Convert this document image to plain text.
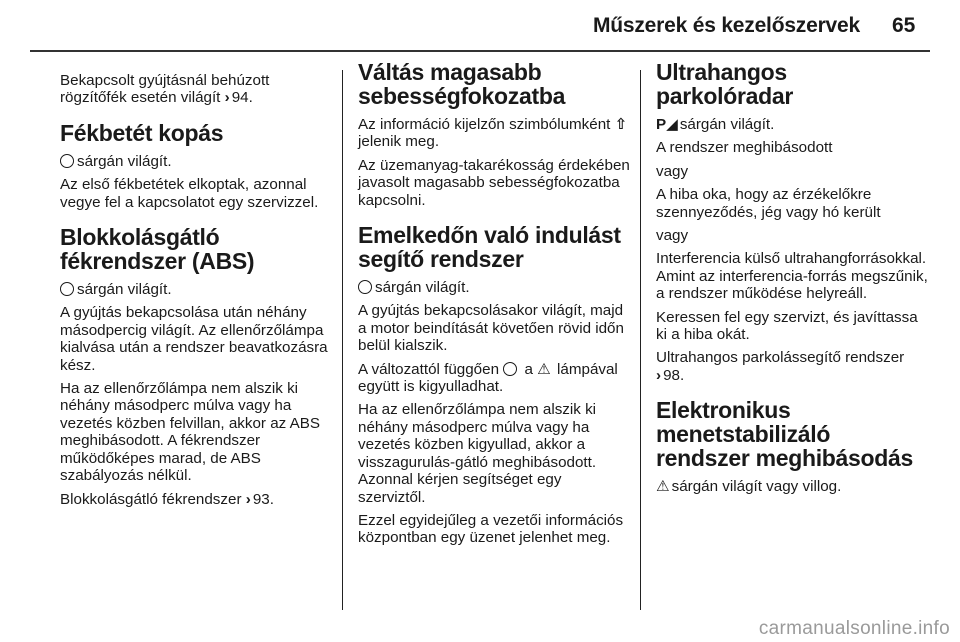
Műszerek és kezelőszervek 65

Bekapcsolt gyújtásnál behúzott rögzítőfék esetén világít › 94.

Fékbetét kopás

sárgán világít.

Az első fékbetétek elkoptak, azonnal vegye fel a kapcsolatot egy szervizzel.

Blokkolásgátló fékrendszer (ABS)

sárgán világít.

A gyújtás bekapcsolása után néhány másodpercig világít. Az ellenőrzőlámpa kialvása után a rendszer beavatkozásra kész.

Ha az ellenőrzőlámpa nem alszik ki néhány másodperc múlva vagy ha vezetés közben felvillan, akkor az ABS meghibásodott. A fékrendszer működőképes marad, de ABS szabályozás nélkül.

Blokkolásgátló fékrendszer › 93.

Váltás magasabb sebességfokozatba

Az információ kijelzőn szimbólumként ⇧ jelenik meg.

Az üzemanyag-takarékosság érdekében javasolt magasabb sebességfokozatba kapcsolni.

Emelkedőn való indulást segítő rendszer

sárgán világít.

A gyújtás bekapcsolásakor világít, majd a motor beindítását követően rövid időn belül kialszik.

A változattól függően a ⚠ lámpával együtt is kigyulladhat.

Ha az ellenőrzőlámpa nem alszik ki néhány másodperc múlva vagy ha vezetés közben kigyullad, akkor a visszagurulás-gátló meghibásodott. Azonnal kérjen segítséget egy szerviztől.

Ezzel egyidejűleg a vezetői információs központban egy üzenet jelenhet meg.

Ultrahangos parkolóradar

P◢ sárgán világít.

A rendszer meghibásodott

vagy

A hiba oka, hogy az érzékelőkre szennyeződés, jég vagy hó került

vagy

Interferencia külső ultrahangforrásokkal. Amint az interferencia-forrás megszűnik, a rendszer működése helyreáll.

Keressen fel egy szervizt, és javíttassa ki a hiba okát.

Ultrahangos parkolássegítő rendszer › 98.

Elektronikus menetstabilizáló rendszer meghibásodás

⚠ sárgán világít vagy villog.

carmanualsonline.info
